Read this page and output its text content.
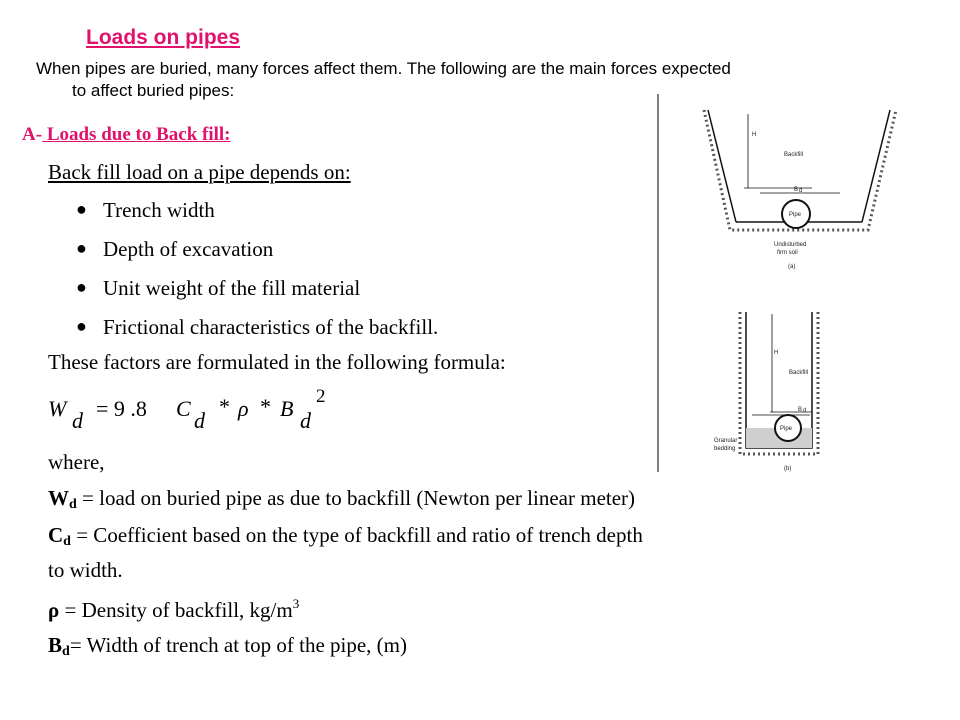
Loads on pipes

When pipes are buried, many forces affect them. The following are the main forces expected
to affect buried pipes:

A- Loads due to Back fill:

Back fill load on a pipe depends on:

● Trench width
● Depth of excavation
● Unit weight of the fill material
● Frictional characteristics of the backfill.

These factors are formulated in the following formula:

W d = 9 .8 C d
* ρ * B d
2

where,

$W_d$ = load on buried pipe as due to backfill (Newton per linear meter)

$C_d$ = Coefficient based on the type of backfill and ratio of trench depth

to width.

ρ = Density of backfill, $kg/m^3$

$B_d=$ Width of trench at top of the pipe, (m)

H
Backfill
B d
Pipe
Undisturbed
firm soil
(a)
H
Backfill
B d
Pipe
Granular
bedding
(b)
